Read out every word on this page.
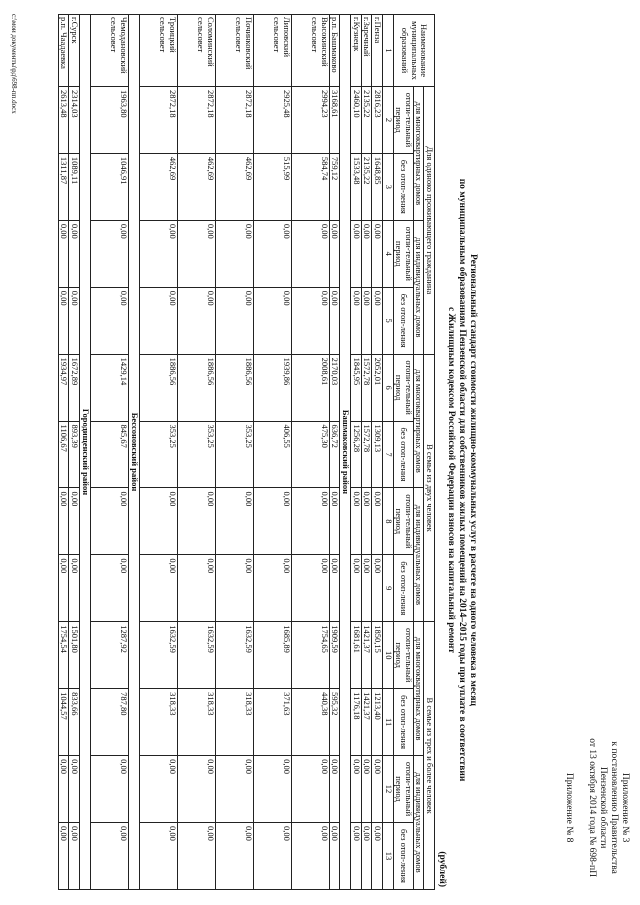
Приложение № 3
к постановлению Правительства
Пензенской области
от 13 октября 2014 года № 698-пП
Приложение № 8
Региональный стандарт стоимости жилищно-коммунальных услуг в расчете на одного человека в месяц
по муниципальным образованиям Пензенской области для собственников жилых помещений на 2014–2015 годы при уплате в соответствии
с Жилищным кодексом Российской Федерации взносов на капитальный ремонт
(рублей)
Наименование муниципальных образований	Для одиноко проживающего гражданина				В семье из двух человек				В семье из трех и более человек			
	для многоквартирных домов		для индивидуальных домов		для многоквартирных домов		для индивидуальных домов		для многоквартирных домов		для индивидуальных домов	
	отопи-тельный период	без отоп-ления	отопи-тельный период	без отоп-ления	отопи-тельный период	без отоп-ления	отопи-тельный период	без отоп-ления	отопи-тельный период	без отоп-ления	отопи-тельный период	без отоп-ления
1	2	3	4	5	6	7	8	9	10	11	12	13
г.Пенза	2816,23	1648,85	0,00	0,00	2052,01	1309,13	0,00	0,00	1850,15	1213,40	0,00	0,00
г.Заречный	2135,22	2135,22	0,00	0,00	1572,78	1572,78	0,00	0,00	1421,37	1421,37	0,00	0,00
г.Кузнецк	2460,10	1533,48	0,00	0,00	1845,95	1256,28	0,00	0,00	1681,61	1176,18	0,00	0,00
Башмаковский район												
р.п. Башмаково	3168,61	759,12	0,00	0,00	2170,03	636,72	0,00	0,00	1909,59	595,32	0,00	0,00
Высокинский сельсовет	2994,23	584,74	0,00	0,00	2008,61	475,30	0,00	0,00	1754,65	440,38	0,00	0,00
Липовский сельсовет	2925,48	515,99	0,00	0,00	1939,86	406,55	0,00	0,00	1685,89	371,63	0,00	0,00
Починковский сельсовет	2872,18	462,69	0,00	0,00	1886,56	353,25	0,00	0,00	1632,59	318,33	0,00	0,00
Соломинский сельсовет	2872,18	462,69	0,00	0,00	1886,56	353,25	0,00	0,00	1632,59	318,33	0,00	0,00
Троицкий сельсовет	2872,18	462,69	0,00	0,00	1886,56	353,25	0,00	0,00	1632,59	318,33	0,00	0,00
Бессоновский район												
Чемодановский сельсовет	1963,80	1046,91	0,00	0,00	1429,14	845,67	0,00	0,00	1287,92	787,80	0,00	0,00
Городищенский район												
г.Сурск	2314,03	1089,11	0,00	0,00	1672,89	893,39	0,00	0,00	1501,80	833,66	0,00	0,00
р.п. Чаадаевка	2613,48	1311,87	0,00	0,00	1934,97	1106,67	0,00	0,00	1754,54	1044,57	0,00	0,00
с:\мои документы\рд\698-пп.docx
